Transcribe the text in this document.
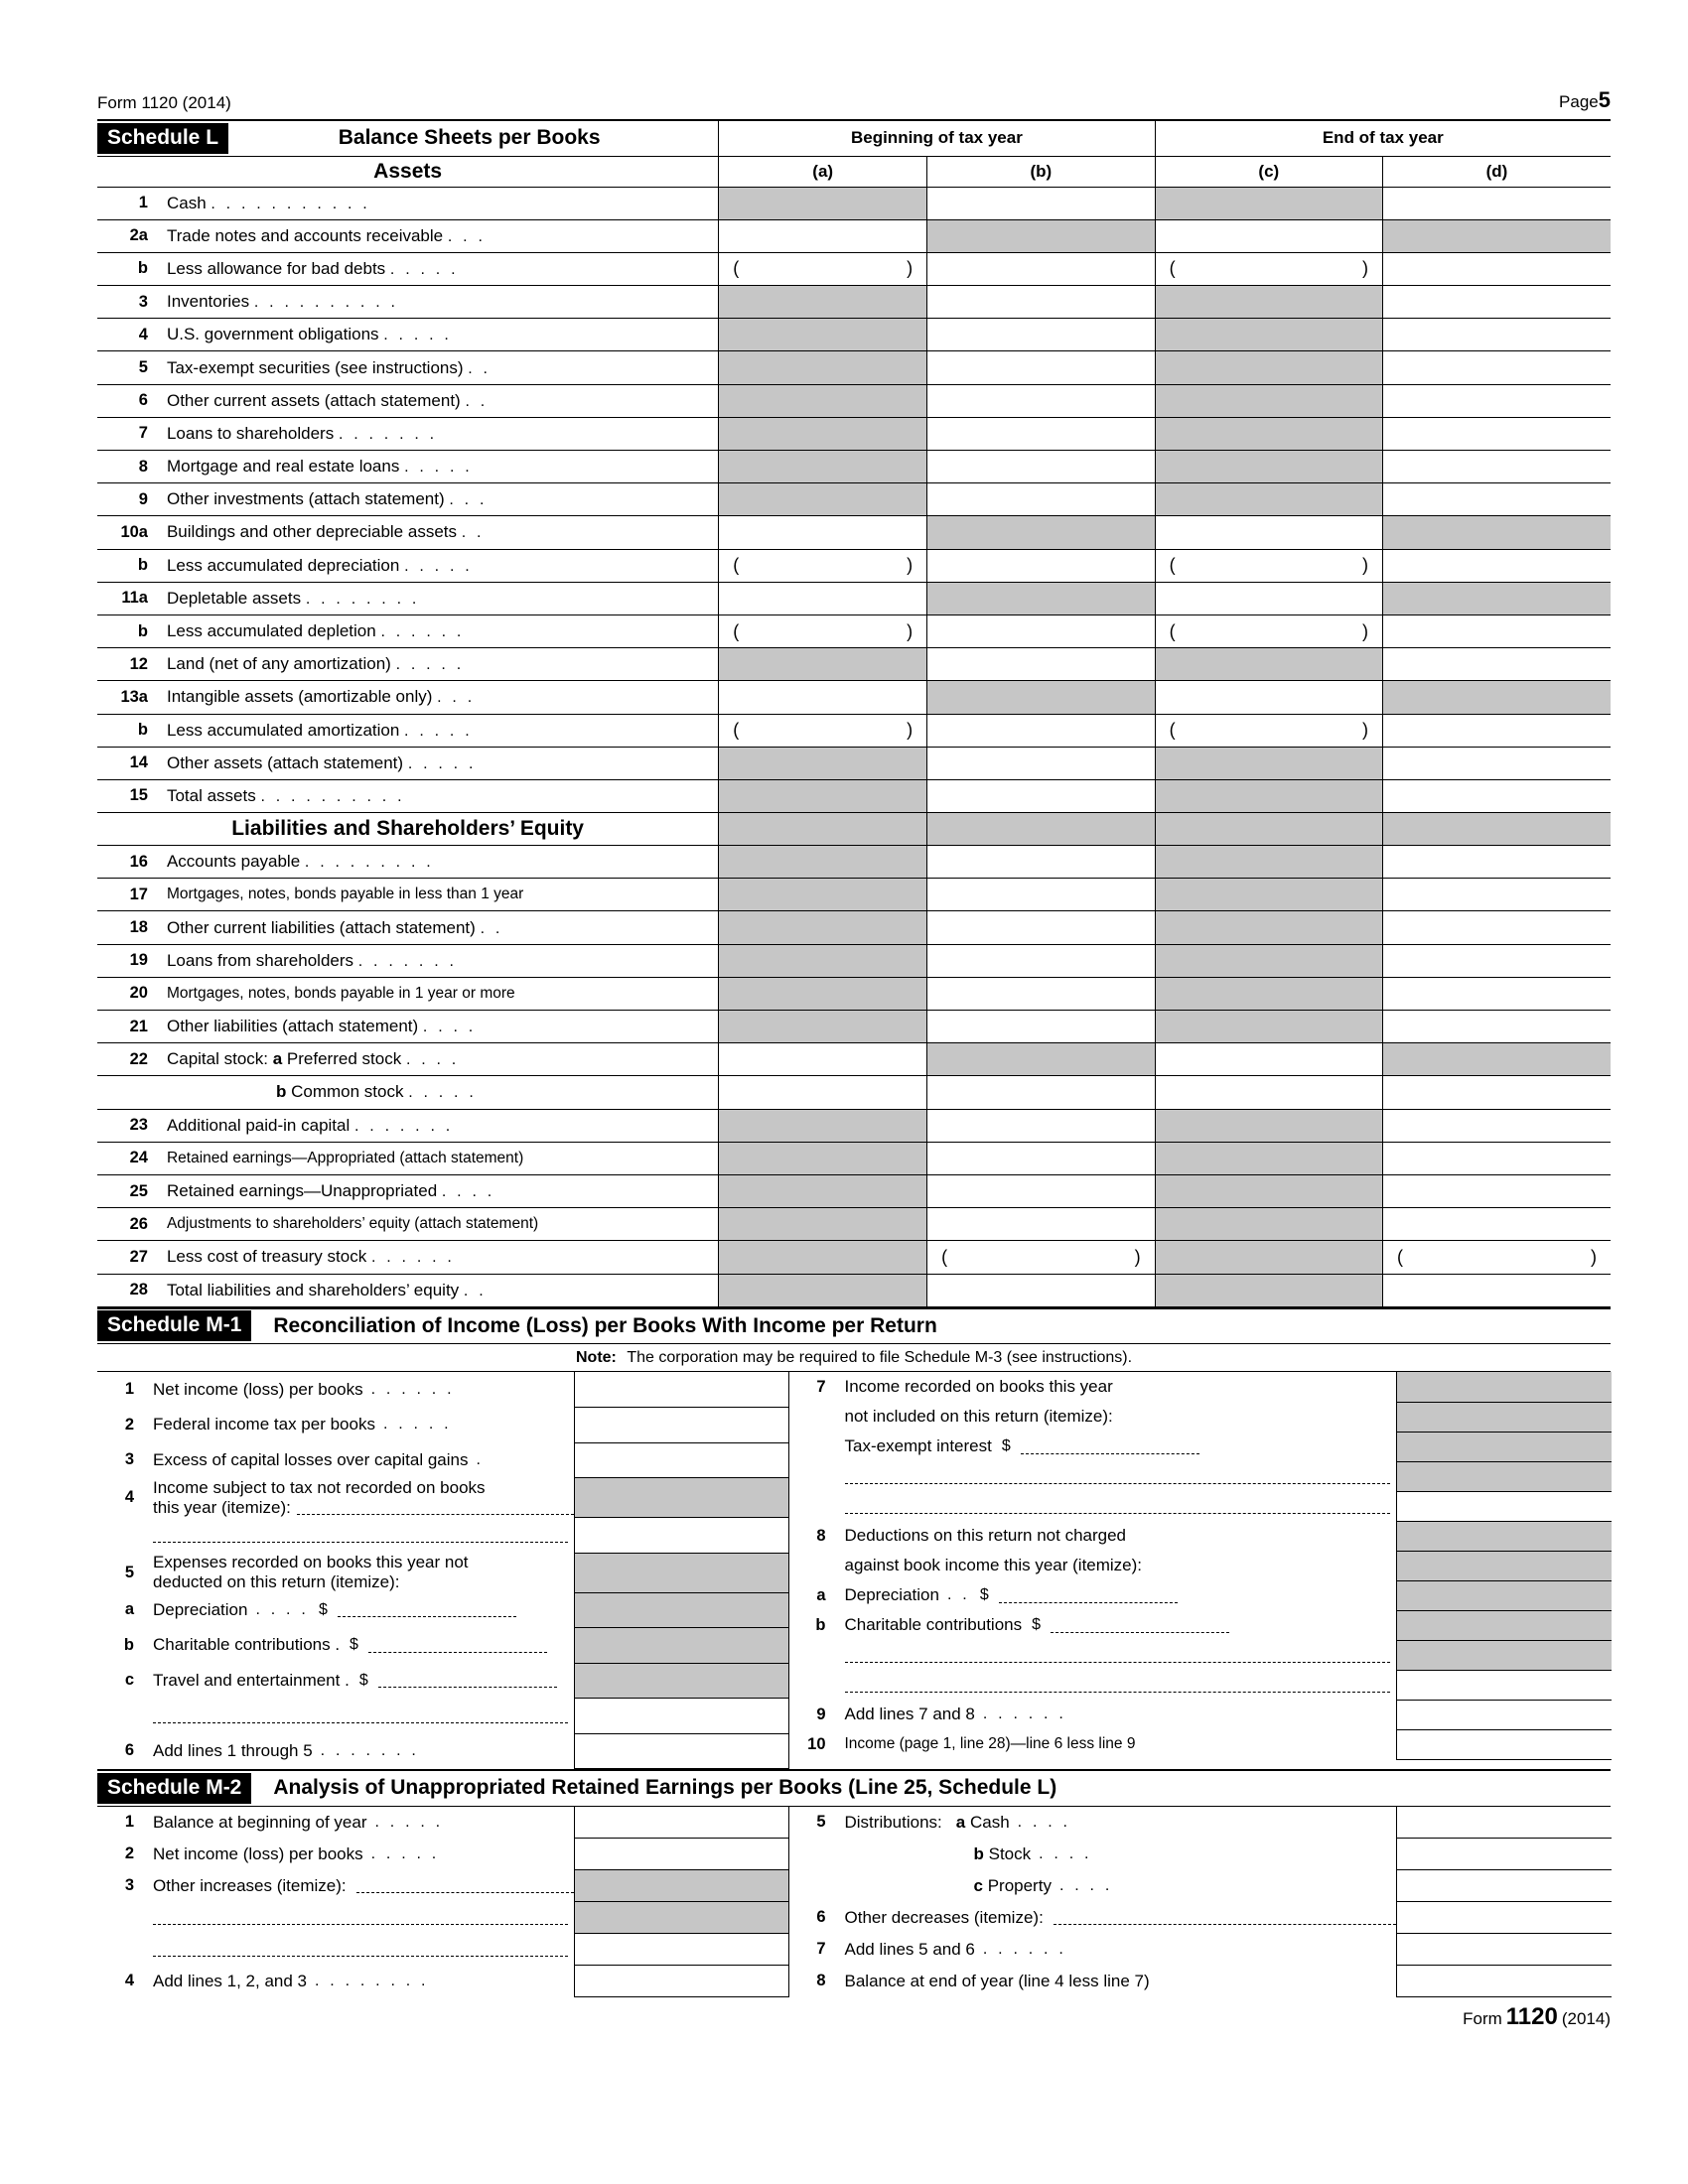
Form 1120 (2014)	Page5
Schedule L Balance Sheets per Books		Beginning of tax year		End of tax year	
Assets		(a)	(b)	(c)	(d)
1	Cash . . . . . . . . . . .				
2a	Trade notes and accounts receivable . . .				
b	Less allowance for bad debts . . . . .	( )		( )	

3	Inventories . . . . . . . . . .				
4	U.S. government obligations . . . . .				
5	Tax-exempt securities (see instructions) . .				
6	Other current assets (attach statement) . .				
7	Loans to shareholders . . . . . . .				
8	Mortgage and real estate loans . . . . .				
9	Other investments (attach statement) . . .				
10a	Buildings and other depreciable assets . .				
b	Less accumulated depreciation . . . . .	( )		( )	

11a	Depletable assets . . . . . . . .				
b	Less accumulated depletion . . . . . .	( )		( )	

12	Land (net of any amortization) . . . . .				
13a	Intangible assets (amortizable only) . . .				
b	Less accumulated amortization . . . . .	( )		( )	

14	Other assets (attach statement) . . . . .				
15	Total assets . . . . . . . . . .				
Liabilities and Shareholders’ Equity					
16	Accounts payable . . . . . . . . .				
17	Mortgages, notes, bonds payable in less than 1 year				
18	Other current liabilities (attach statement) . .				
19	Loans from shareholders . . . . . . .				
20	Mortgages, notes, bonds payable in 1 year or more				
21	Other liabilities (attach statement) . . . .				
22	Capital stock: a Preferred stock . . . .				
	b Common stock . . . . .				
23	Additional paid-in capital . . . . . . .				
24	Retained earnings—Appropriated (attach statement)				
25	Retained earnings—Unappropriated . . . .				
26	Adjustments to shareholders’ equity (attach statement)				
27	Less cost of treasury stock . . . . . .		( )		( )

28	Total liabilities and shareholders’ equity . .				
Schedule M-1	Reconciliation of Income (Loss) per Books With Income per Return

Note: The corporation may be required to file Schedule M-3 (see instructions).

1	Net income (loss) per books . . . . . .

2	Federal income tax per books . . . . .

3	Excess of capital losses over capital gains .

4	
Income subject to tax not recorded on books
this year (itemize):

5	
Expenses recorded on books this year not
deducted on this return (itemize):

a	Depreciation . . . . $

b	Charitable contributions . $

c	Travel and entertainment . $

6	Add lines 1 through 5 . . . . . . .

7	Income recorded on books this year

not included on this return (itemize):

Tax-exempt interest $

8	Deductions on this return not charged

against book income this year (itemize):

a	Depreciation . . $

b	Charitable contributions $

9	Add lines 7 and 8 . . . . . .

10	Income (page 1, line 28)—line 6 less line 9

Schedule M-2	Analysis of Unappropriated Retained Earnings per Books (Line 25, Schedule L)

1	Balance at beginning of year . . . . .

2	Net income (loss) per books . . . . .

3	Other increases (itemize):

4	Add lines 1, 2, and 3 . . . . . . . .

5	Distributions: a Cash . . . .

b Stock . . . .

c Property . . . .

6	Other decreases (itemize):

7	Add lines 5 and 6 . . . . . .

8	Balance at end of year (line 4 less line 7)

Form 1120 (2014)
